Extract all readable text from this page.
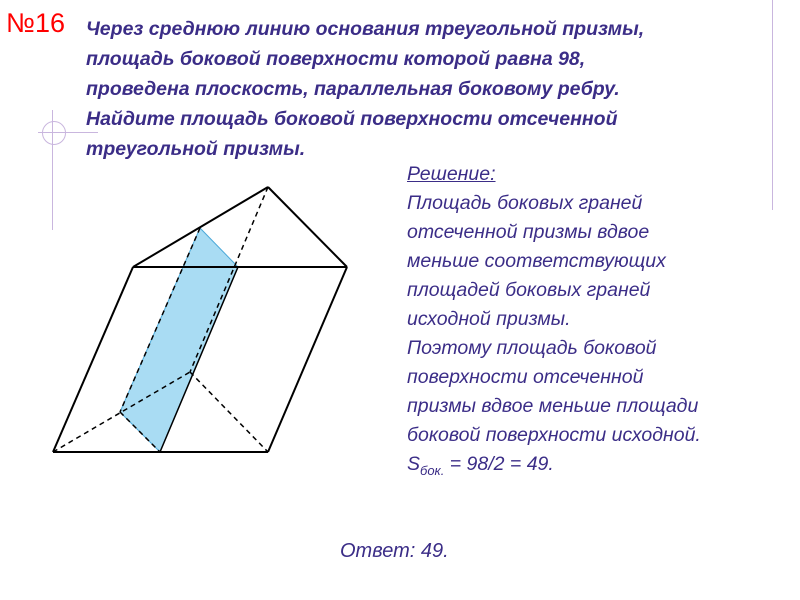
№16 Через среднюю линию основания треугольной призмы,
площадь боковой поверхности которой равна 98,
проведена плоскость, параллельная боковому ребру.
Найдите площадь боковой поверхности отсеченной
треугольной призмы.
Решение:
Площадь боковых граней
отсеченной призмы вдвое
меньше соответствующих
площадей боковых граней
исходной призмы.
Поэтому площадь боковой
поверхности отсеченной
призмы вдвое меньше площади
боковой поверхности исходной.
$S_{бок.} = 98/2 = 49$.
Ответ: 49.
